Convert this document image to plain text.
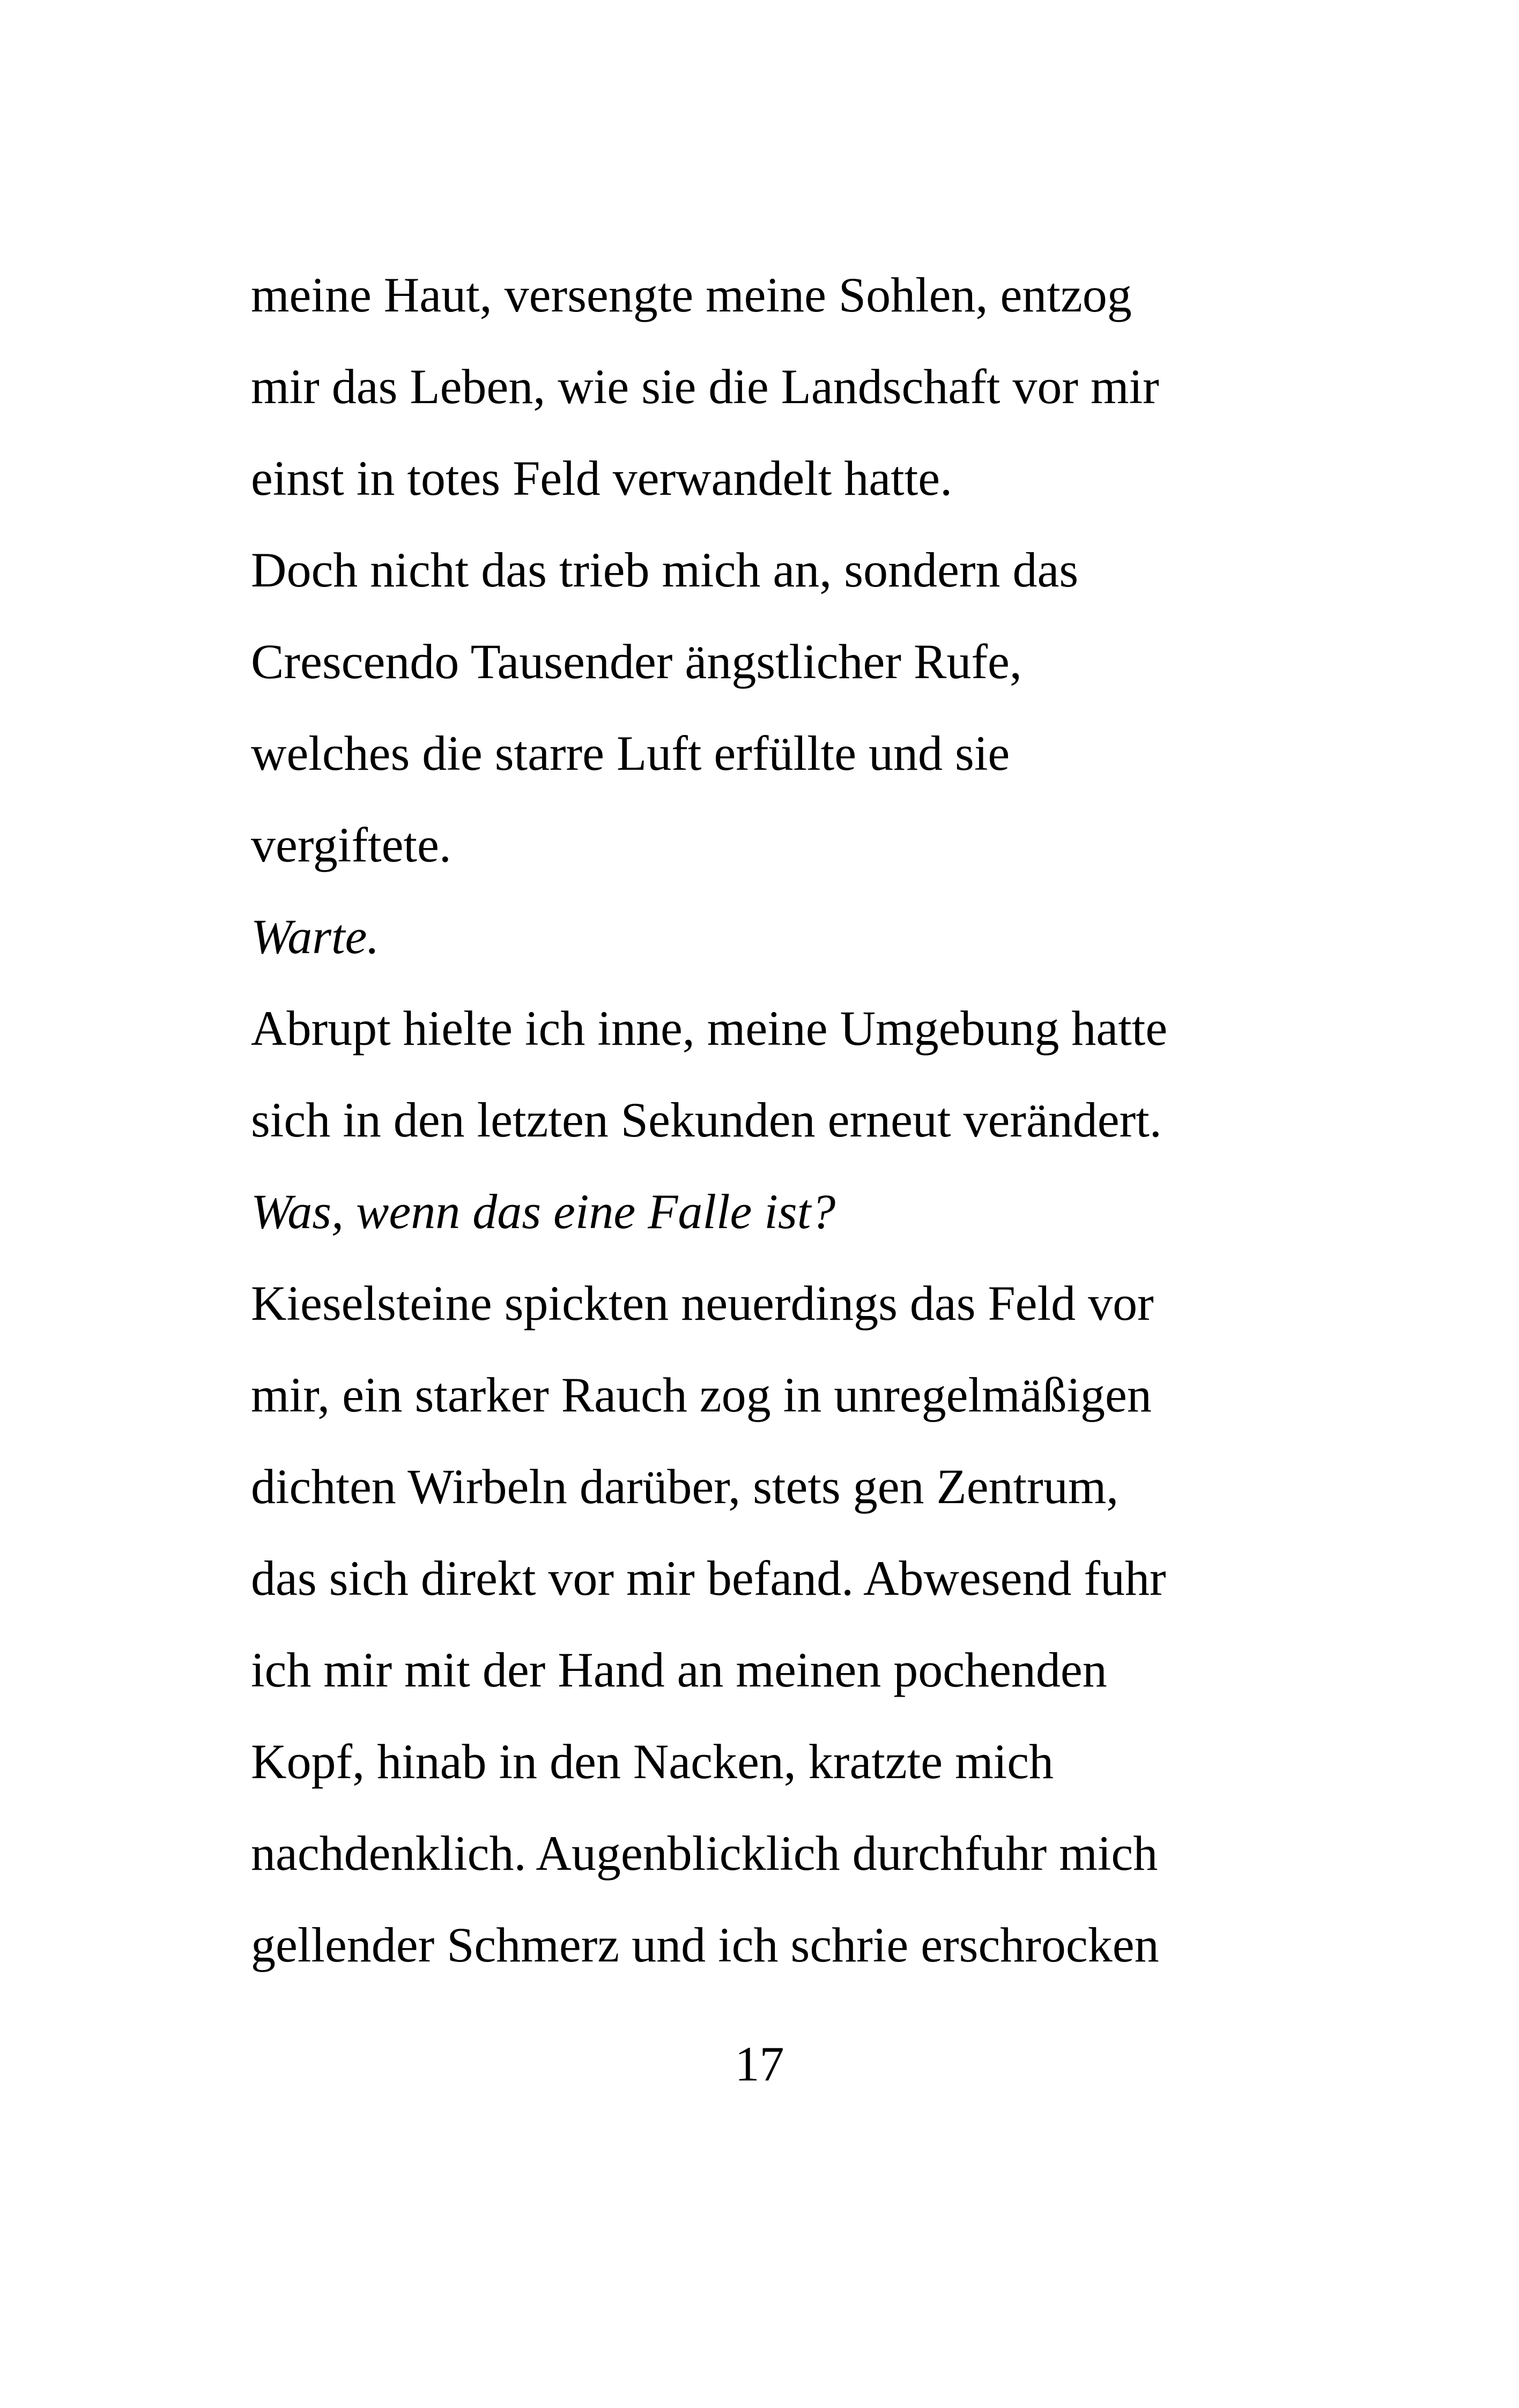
meine Haut, versengte meine Sohlen, entzog
mir das Leben, wie sie die Landschaft vor mir
einst in totes Feld verwandelt hatte.
Doch nicht das trieb mich an, sondern das
Crescendo Tausender ängstlicher Rufe,
welches die starre Luft erfüllte und sie
vergiftete.
Warte.
Abrupt hielte ich inne, meine Umgebung hatte
sich in den letzten Sekunden erneut verändert.
Was, wenn das eine Falle ist?
Kieselsteine spickten neuerdings das Feld vor
mir, ein starker Rauch zog in unregelmäßigen
dichten Wirbeln darüber, stets gen Zentrum,
das sich direkt vor mir befand. Abwesend fuhr
ich mir mit der Hand an meinen pochenden
Kopf, hinab in den Nacken, kratzte mich
nachdenklich. Augenblicklich durchfuhr mich
gellender Schmerz und ich schrie erschrocken
17
